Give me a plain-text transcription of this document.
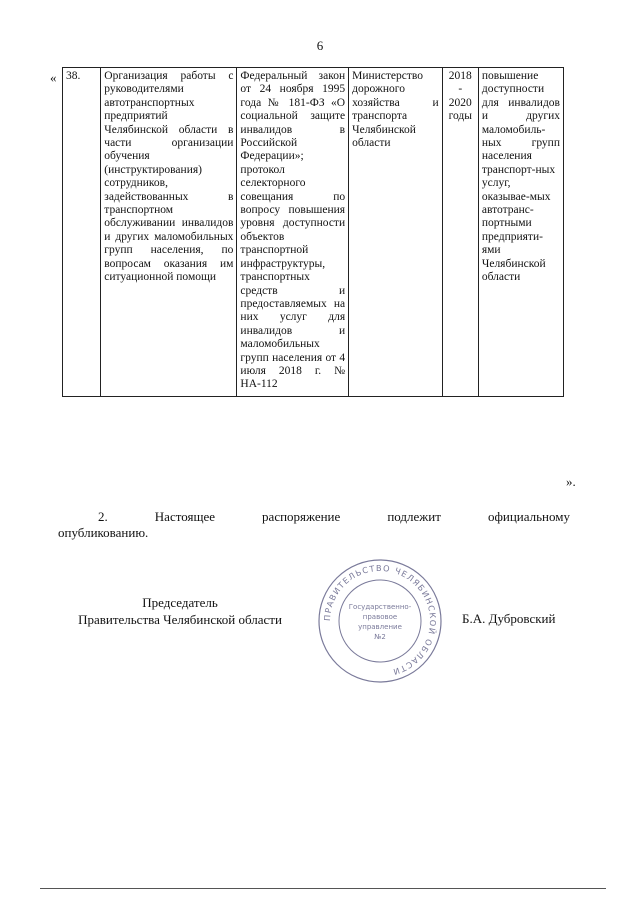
6
« 38.	Организация работы с руководителями автотранспортных предприятий Челябинской области в части организации обучения (инструктирования) сотрудников, задействованных в транспортном обслуживании инвалидов и других маломобильных групп населения, по вопросам оказания им ситуационной помощи	Федеральный закон от 24 ноября 1995 года № 181-ФЗ «О социальной защите инвалидов в Российской Федерации»; протокол селекторного совещания по вопросу повышения уровня доступности объектов транспортной инфраструктуры, транспортных средств и предоставляемых на них услуг для инвалидов и маломобильных групп населения от 4 июля 2018 г. № НА-112	Министерство дорожного хозяйства и транспорта Челябинской области	2018 - 2020 годы	повышение доступности для инвалидов и других маломобиль-ных групп населения транспорт-ных услуг, оказывае-мых автотранс-портными предприяти-ями Челябинской области
».
2.	Настоящее	распоряжение	подлежит	официальному
опубликованию.
Председатель
Правительства Челябинской области	ПРАВИТЕЛЬСТВО ЧЕЛЯБИНСКОЙ ОБЛАСТИ
Государственно-
правовое
управление
№2
Б.А. Дубровский
